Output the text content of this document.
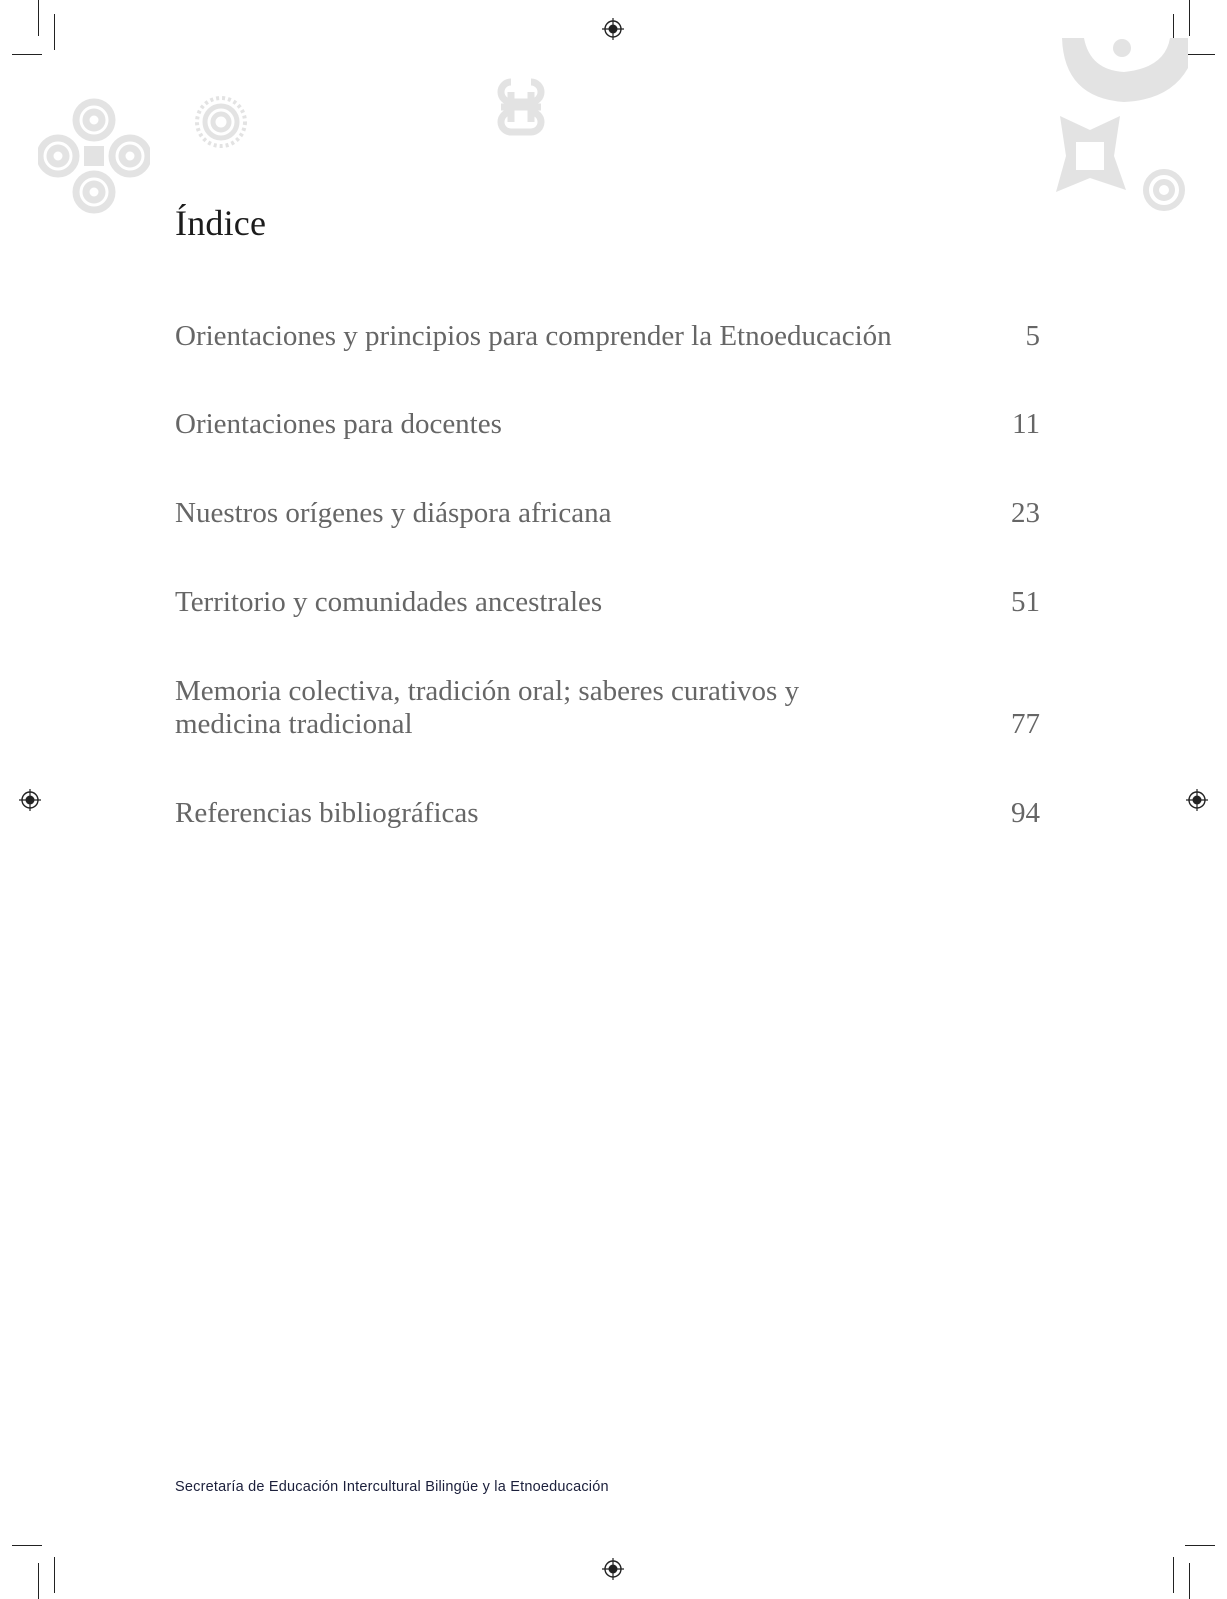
Índice
Orientaciones y principios para comprender la Etnoeducación	5
Orientaciones para docentes	11
Nuestros orígenes y diáspora africana	23
Territorio y comunidades ancestrales	51
Memoria colectiva, tradición oral; saberes curativos y medicina tradicional	77
Referencias bibliográficas	94
Secretaría de Educación Intercultural Bilingüe y la Etnoeducación
